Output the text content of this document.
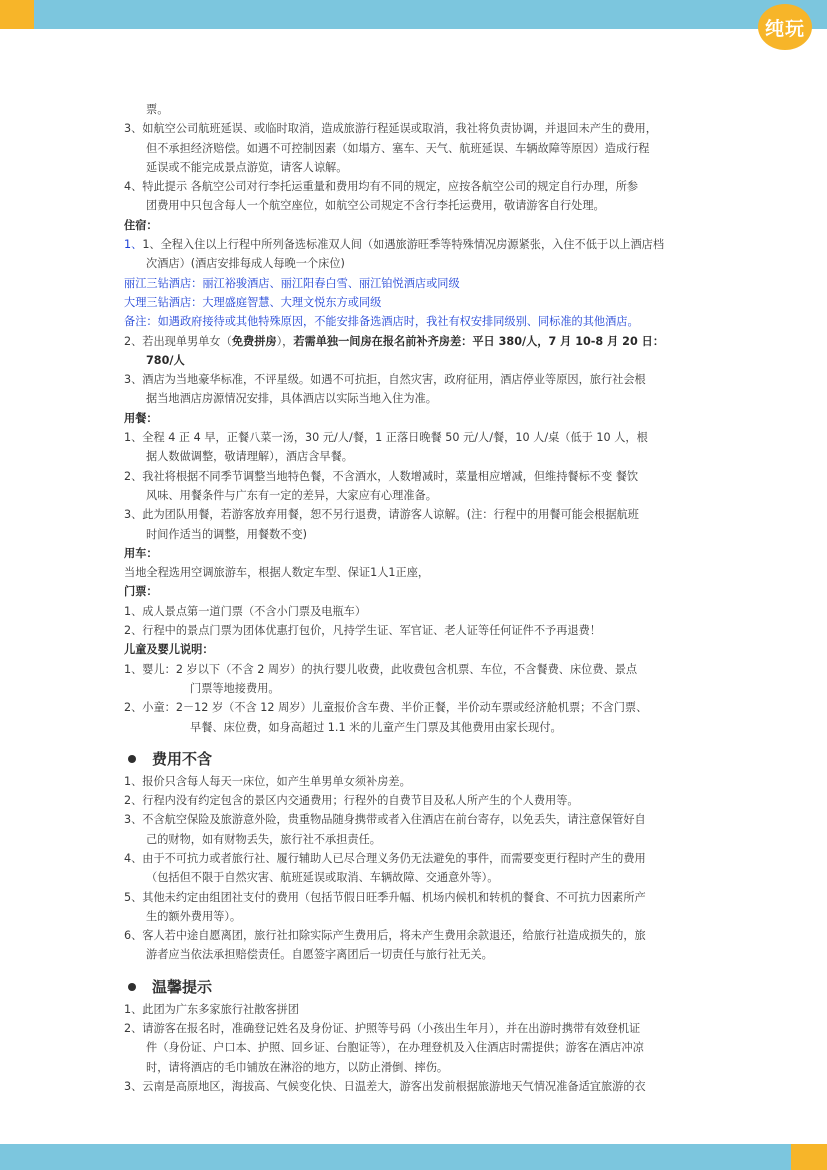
纯玩
票。
3、如航空公司航班延误、或临时取消，造成旅游行程延误或取消，我社将负责协调，并退回未产生的费用，
但不承担经济赔偿。如遇不可控制因素（如塌方、塞车、天气、航班延误、车辆故障等原因）造成行程
延误或不能完成景点游览，请客人谅解。
4、特此提示 各航空公司对行李托运重量和费用均有不同的规定，应按各航空公司的规定自行办理，所参
团费用中只包含每人一个航空座位，如航空公司规定不含行李托运费用，敬请游客自行处理。
住宿：
1、1、全程入住以上行程中所列备选标准双人间（如遇旅游旺季等特殊情况房源紧张，入住不低于以上酒店档
次酒店）(酒店安排每成人每晚一个床位)
丽江三钻酒店：丽江裕骏酒店、丽江阳春白雪、丽江铂悦酒店或同级
大理三钻酒店：大理盛庭智慧、大理文悦东方或同级
备注：如遇政府接待或其他特殊原因，不能安排备选酒店时，我社有权安排同级别、同标准的其他酒店。
2、若出现单男单女（免费拼房），若需单独一间房在报名前补齐房差：平日 380/人，7 月 10-8 月 20 日：
780/人
3、酒店为当地豪华标准，不评星级。如遇不可抗拒，自然灾害，政府征用，酒店停业等原因，旅行社会根
据当地酒店房源情况安排，具体酒店以实际当地入住为准。
用餐：
1、全程 4 正 4 早，正餐八菜一汤，30 元/人/餐，1 正落日晚餐 50 元/人/餐，10 人/桌（低于 10 人，根
据人数做调整，敬请理解），酒店含早餐。
2、我社将根据不同季节调整当地特色餐，不含酒水，人数增减时，菜量相应增减，但维持餐标不变 餐饮
风味、用餐条件与广东有一定的差异，大家应有心理准备。
3、此为团队用餐，若游客放弃用餐，恕不另行退费，请游客人谅解。(注：行程中的用餐可能会根据航班
时间作适当的调整，用餐数不变)
用车：
当地全程选用空调旅游车，根据人数定车型、保证1人1正座，
门票：
1、成人景点第一道门票（不含小门票及电瓶车）
2、行程中的景点门票为团体优惠打包价，凡持学生证、军官证、老人证等任何证件不予再退费！
儿童及婴儿说明：
1、婴儿：2 岁以下（不含 2 周岁）的执行婴儿收费，此收费包含机票、车位，不含餐费、床位费、景点
门票等地接费用。
2、小童：2－12 岁（不含 12 周岁）儿童报价含车费、半价正餐，半价动车票或经济舱机票；不含门票、
早餐、床位费，如身高超过 1.1 米的儿童产生门票及其他费用由家长现付。
费用不含
1、报价只含每人每天一床位，如产生单男单女须补房差。
2、行程内没有约定包含的景区内交通费用；行程外的自费节目及私人所产生的个人费用等。
3、不含航空保险及旅游意外险，贵重物品随身携带或者入住酒店在前台寄存，以免丢失，请注意保管好自
己的财物，如有财物丢失，旅行社不承担责任。
4、由于不可抗力或者旅行社、履行辅助人已尽合理义务仍无法避免的事件，而需要变更行程时产生的费用
（包括但不限于自然灾害、航班延误或取消、车辆故障、交通意外等）。
5、其他未约定由组团社支付的费用（包括节假日旺季升幅、机场内候机和转机的餐食、不可抗力因素所产
生的额外费用等）。
6、客人若中途自愿离团，旅行社扣除实际产生费用后，将未产生费用余款退还，给旅行社造成损失的，旅
游者应当依法承担赔偿责任。自愿签字离团后一切责任与旅行社无关。
温馨提示
1、此团为广东多家旅行社散客拼团
2、请游客在报名时，准确登记姓名及身份证、护照等号码（小孩出生年月），并在出游时携带有效登机证
件（身份证、户口本、护照、回乡证、台胞证等），在办理登机及入住酒店时需提供；游客在酒店冲凉
时，请将酒店的毛巾铺放在淋浴的地方，以防止滑倒、摔伤。
3、云南是高原地区，海拔高、气候变化快、日温差大，游客出发前根据旅游地天气情况准备适宜旅游的衣
